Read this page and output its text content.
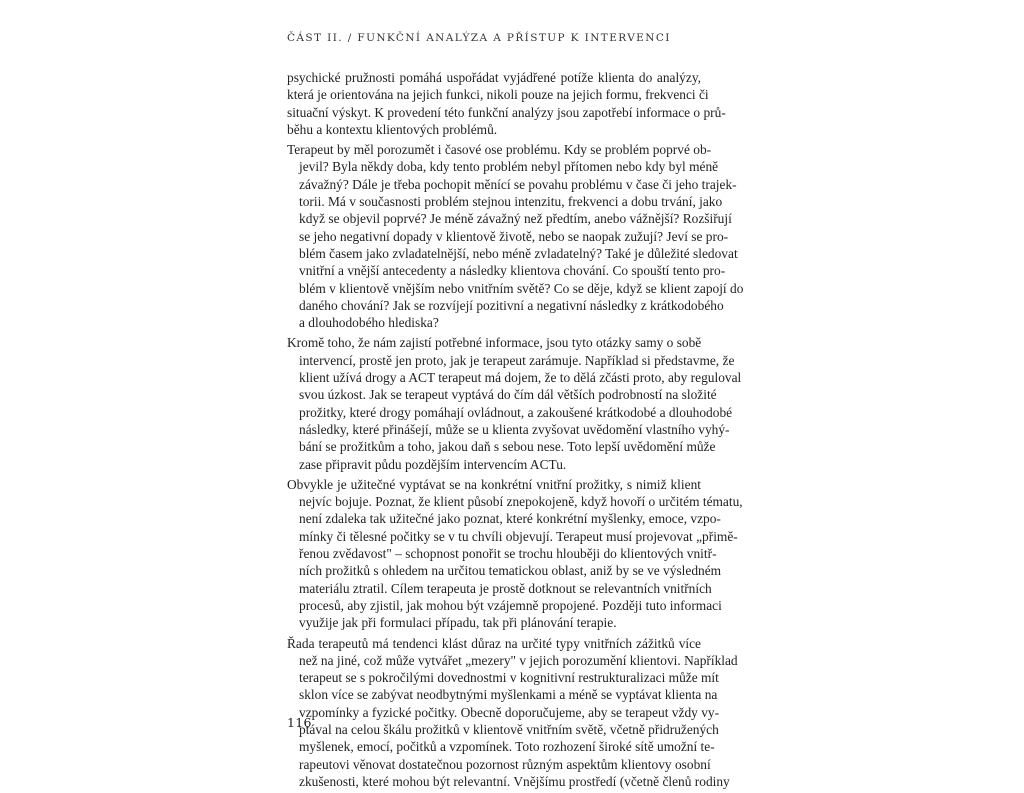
ČÁST II. / FUNKČNÍ ANALÝZA A PŘÍSTUP K INTERVENCI
psychické pružnosti pomáhá uspořádat vyjádřené potíže klienta do analýzy,
která je orientována na jejich funkci, nikoli pouze na jejich formu, frekvenci či
situační výskyt. K provedení této funkční analýzy jsou zapotřebí informace o prů-
běhu a kontextu klientových problémů.
Terapeut by měl porozumět i časové ose problému. Kdy se problém poprvé ob-
jevil? Byla někdy doba, kdy tento problém nebyl přítomen nebo kdy byl méně
závažný? Dále je třeba pochopit měnící se povahu problému v čase či jeho trajek-
torii. Má v současnosti problém stejnou intenzitu, frekvenci a dobu trvání, jako
když se objevil poprvé? Je méně závažný než předtím, anebo vážnější? Rozšiřují
se jeho negativní dopady v klientově životě, nebo se naopak zužují? Jeví se pro-
blém časem jako zvladatelnější, nebo méně zvladatelný? Také je důležité sledovat
vnitřní a vnější antecedenty a následky klientova chování. Co spouští tento pro-
blém v klientově vnějším nebo vnitřním světě? Co se děje, když se klient zapojí do
daného chování? Jak se rozvíjejí pozitivní a negativní následky z krátkodobého
a dlouhodobého hlediska?
Kromě toho, že nám zajistí potřebné informace, jsou tyto otázky samy o sobě
intervencí, prostě jen proto, jak je terapeut zarámuje. Například si představme, že
klient užívá drogy a ACT terapeut má dojem, že to dělá zčásti proto, aby reguloval
svou úzkost. Jak se terapeut vyptává do čím dál větších podrobností na složité
prožitky, které drogy pomáhají ovládnout, a zakoušené krátkodobé a dlouhodobé
následky, které přinášejí, může se u klienta zvyšovat uvědomění vlastního vyhý-
bání se prožitkům a toho, jakou daň s sebou nese. Toto lepší uvědomění může
zase připravit půdu pozdějším intervencím ACTu.
Obvykle je užitečné vyptávat se na konkrétní vnitřní prožitky, s nimiž klient
nejvíc bojuje. Poznat, že klient působí znepokojeně, když hovoří o určitém tématu,
není zdaleka tak užitečné jako poznat, které konkrétní myšlenky, emoce, vzpo-
mínky či tělesné počitky se v tu chvíli objevují. Terapeut musí projevovat „přimě-
řenou zvědavost" – schopnost ponořit se trochu hlouběji do klientových vnitř-
ních prožitků s ohledem na určitou tematickou oblast, aniž by se ve výsledném
materiálu ztratil. Cílem terapeuta je prostě dotknout se relevantních vnitřních
procesů, aby zjistil, jak mohou být vzájemně propojené. Později tuto informaci
využije jak při formulaci případu, tak při plánování terapie.
Řada terapeutů má tendenci klást důraz na určité typy vnitřních zážitků více
než na jiné, což může vytvářet „mezery" v jejich porozumění klientovi. Například
terapeut se s pokročilými dovednostmi v kognitivní restrukturalizaci může mít
sklon více se zabývat neodbytnými myšlenkami a méně se vyptávat klienta na
vzpomínky a fyzické počitky. Obecně doporučujeme, aby se terapeut vždy vy-
ptával na celou škálu prožitků v klientově vnitřním světě, včetně přidružených
myšlenek, emocí, počitků a vzpomínek. Toto rozhození široké sítě umožní te-
rapeutovi věnovat dostatečnou pozornost různým aspektům klientovy osobní
zkušenosti, které mohou být relevantní. Vnějšímu prostředí (včetně členů rodiny
116
